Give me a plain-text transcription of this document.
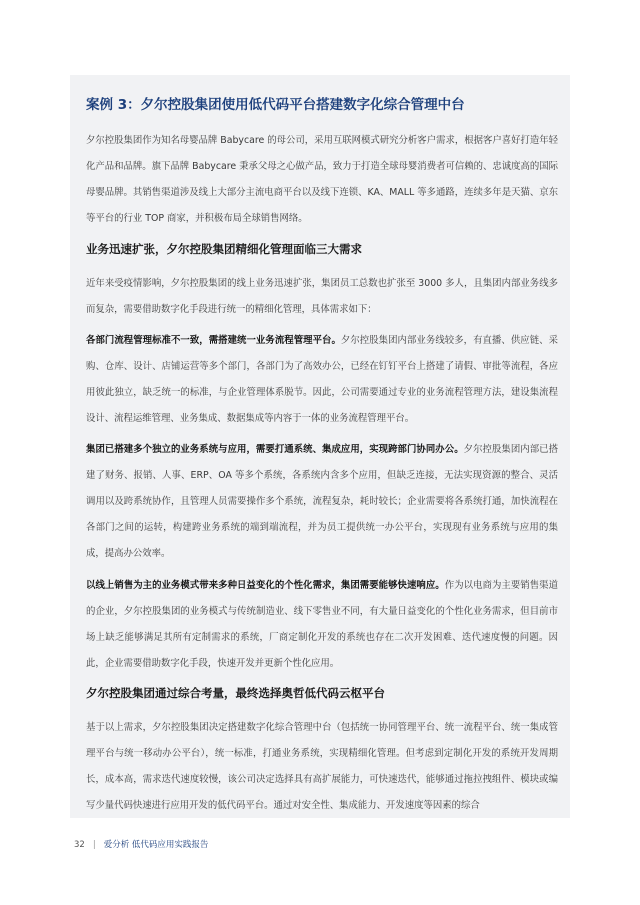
案例 3：夕尔控股集团使用低代码平台搭建数字化综合管理中台

夕尔控股集团作为知名母婴品牌 Babycare 的母公司，采用互联网模式研究分析客户需求，根据客户喜好打造年轻化产品和品牌。旗下品牌 Babycare 秉承父母之心做产品，致力于打造全球母婴消费者可信赖的、忠诚度高的国际母婴品牌。其销售渠道涉及线上大部分主流电商平台以及线下连锁、KA、MALL 等多通路，连续多年是天猫、京东等平台的行业 TOP 商家，并积极布局全球销售网络。

业务迅速扩张，夕尔控股集团精细化管理面临三大需求

近年来受疫情影响，夕尔控股集团的线上业务迅速扩张，集团员工总数也扩张至 3000 多人，且集团内部业务线多而复杂，需要借助数字化手段进行统一的精细化管理，具体需求如下：

各部门流程管理标准不一致，需搭建统一业务流程管理平台。夕尔控股集团内部业务线较多，有直播、供应链、采购、仓库、设计、店铺运营等多个部门，各部门为了高效办公，已经在钉钉平台上搭建了请假、审批等流程，各应用彼此独立，缺乏统一的标准，与企业管理体系脱节。因此，公司需要通过专业的业务流程管理方法，建设集流程设计、流程运维管理、业务集成、数据集成等内容于一体的业务流程管理平台。

集团已搭建多个独立的业务系统与应用，需要打通系统、集成应用，实现跨部门协同办公。夕尔控股集团内部已搭建了财务、报销、人事、ERP、OA 等多个系统，各系统内含多个应用，但缺乏连接，无法实现资源的整合、灵活调用以及跨系统协作，且管理人员需要操作多个系统，流程复杂，耗时较长；企业需要将各系统打通，加快流程在各部门之间的运转，构建跨业务系统的端到端流程，并为员工提供统一办公平台，实现现有业务系统与应用的集成，提高办公效率。

以线上销售为主的业务模式带来多种日益变化的个性化需求，集团需要能够快速响应。作为以电商为主要销售渠道的企业，夕尔控股集团的业务模式与传统制造业、线下零售业不同，有大量日益变化的个性化业务需求，但目前市场上缺乏能够满足其所有定制需求的系统，厂商定制化开发的系统也存在二次开发困难、迭代速度慢的问题。因此，企业需要借助数字化手段，快速开发并更新个性化应用。

夕尔控股集团通过综合考量，最终选择奥哲低代码云枢平台

基于以上需求，夕尔控股集团决定搭建数字化综合管理中台（包括统一协同管理平台、统一流程平台、统一集成管理平台与统一移动办公平台），统一标准，打通业务系统，实现精细化管理。但考虑到定制化开发的系统开发周期长，成本高，需求迭代速度较慢，该公司决定选择具有高扩展能力，可快速迭代，能够通过拖拉拽组件、模块或编写少量代码快速进行应用开发的低代码平台。通过对安全性、集成能力、开发速度等因素的综合

32 | 爱分析 低代码应用实践报告
